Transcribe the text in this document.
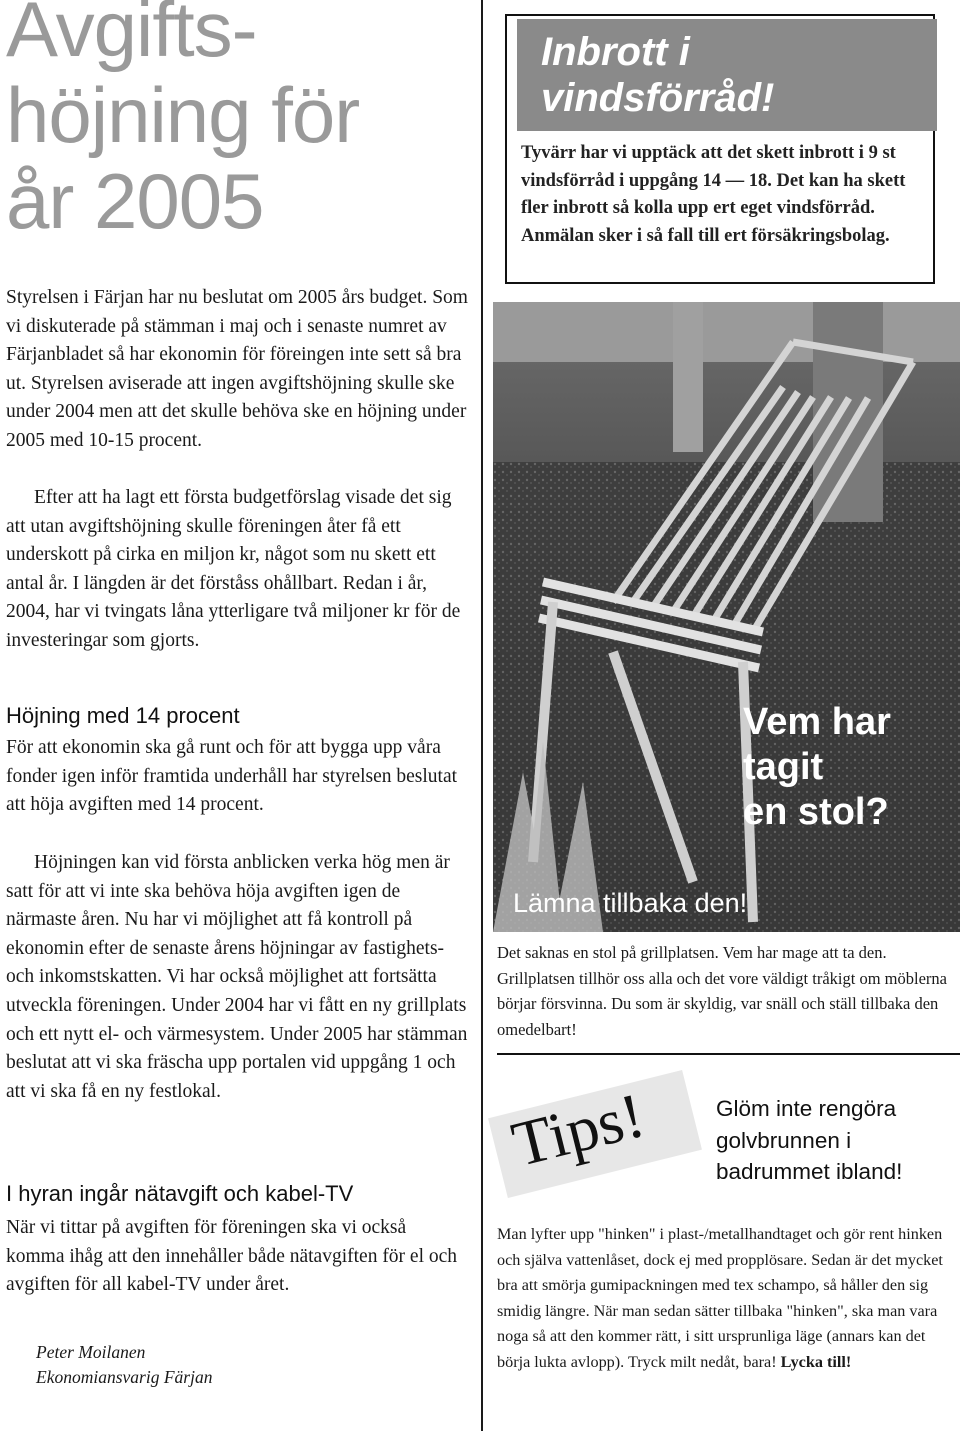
Avgifts-
höjning för
år 2005

Styrelsen i Färjan har nu beslutat om 2005 års budget. Som vi diskuterade på stämman i maj och i senaste numret av Färjanbladet så har ekonomin för föreingen inte sett så bra ut. Styrelsen aviserade att ingen avgiftshöjning skulle ske under 2004 men att det skulle behöva ske en höjning under 2005 med 10-15 procent.

Efter att ha lagt ett första budgetförslag visade det sig att utan avgiftshöjning skulle föreningen åter få ett underskott på cirka en miljon kr, något som nu skett ett antal år. I längden är det förståss ohållbart. Redan i år, 2004, har vi tvingats låna ytterligare två miljoner kr för de investeringar som gjorts.

Höjning med 14 procent

För att ekonomin ska gå runt och för att bygga upp våra fonder igen inför framtida underhåll har styrelsen beslutat att höja avgiften med 14 procent.

Höjningen kan vid första anblicken verka hög men är satt för att vi inte ska behöva höja avgiften igen de närmaste åren. Nu har vi möjlighet att få kontroll på ekonomin efter de senaste årens höjningar av fastighets- och inkomstskatten. Vi har också möjlighet att fortsätta utveckla föreningen. Under 2004 har vi fått en ny grillplats och ett nytt el- och värmesystem. Under 2005 har stämman beslutat att vi ska fräscha upp portalen vid uppgång 1 och att vi ska få en ny festlokal.

I hyran ingår nätavgift och kabel-TV

När vi tittar på avgiften för föreningen ska vi också komma ihåg att den innehåller både nätavgiften för el och avgiften för all kabel-TV under året.

Peter Moilanen
Ekonomiansvarig Färjan
Inbrott i
vindsförråd!

Tyvärr har vi upptäck att det skett inbrott i 9 st vindsförråd i uppgång 14 — 18. Det kan ha skett fler inbrott så kolla upp ert eget vindsförråd. Anmälan sker i så fall till ert försäkringsbolag.

Vem har
tagit
en stol?
Lämna tillbaka den!

Det saknas en stol på grillplatsen. Vem har mage att ta den. Grillplatsen tillhör oss alla och det vore väldigt tråkigt om möblerna börjar försvinna. Du som är skyldig, var snäll och ställ tillbaka den omedelbart!

Tips!	Glöm inte rengöra golvbrunnen i badrummet ibland!

Man lyfter upp "hinken" i plast-/metallhandtaget och gör rent hinken och själva vattenlåset, dock ej med propplösare. Sedan är det mycket bra att smörja gumipackningen med tex schampo, så håller den sig smidig längre. När man sedan sätter tillbaka "hinken", ska man vara noga så att den kommer rätt, i sitt ursprunliga läge (annars kan det börja lukta avlopp). Tryck milt nedåt, bara! Lycka till!
